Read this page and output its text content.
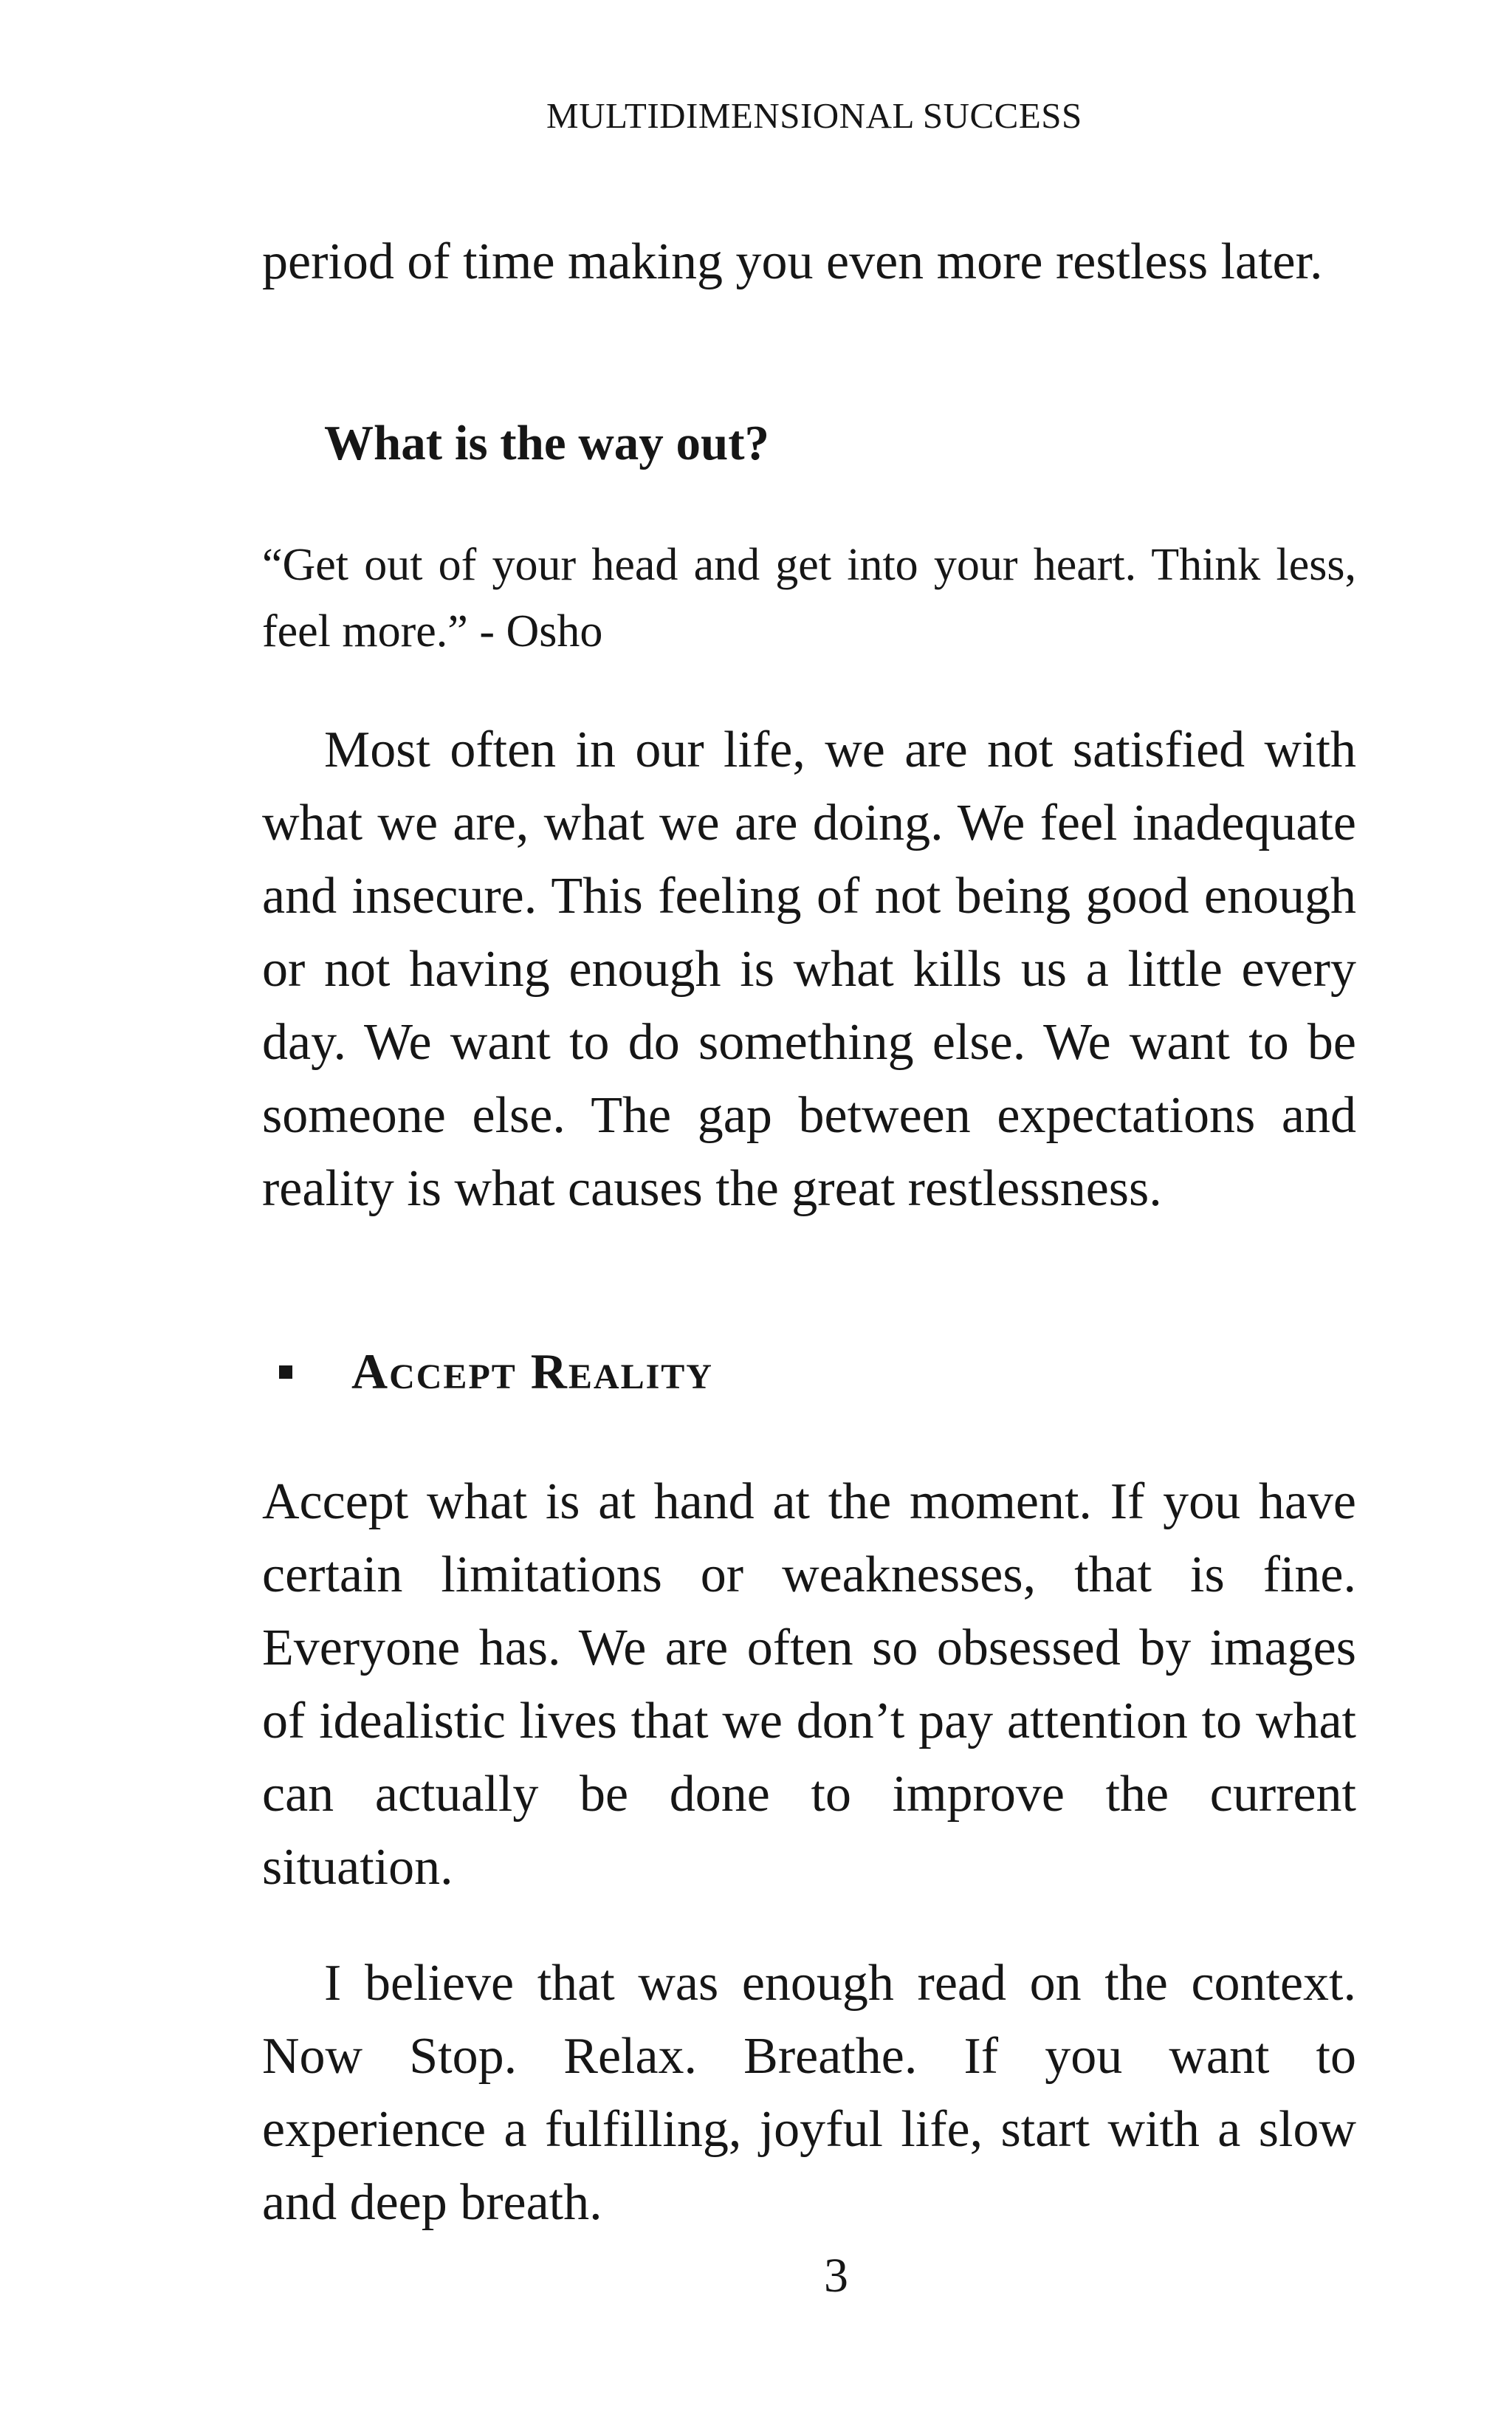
MULTIDIMENSIONAL SUCCESS

period of time making you even more restless later.

What is the way out?

“Get out of your head and get into your heart. Think less, feel more.” - Osho

Most often in our life, we are not satisfied with what we are, what we are doing. We feel inadequate and insecure. This feeling of not being good enough or not having enough is what kills us a little every day. We want to do something else. We want to be someone else. The gap between expectations and reality is what causes the great restlessness.

Accept Reality

Accept what is at hand at the moment. If you have certain limitations or weaknesses, that is fine. Everyone has. We are often so obsessed by images of idealistic lives that we don’t pay attention to what can actually be done to improve the current situation.

I believe that was enough read on the context. Now Stop. Relax. Breathe. If you want to experience a fulfilling, joyful life, start with a slow and deep breath.

3
